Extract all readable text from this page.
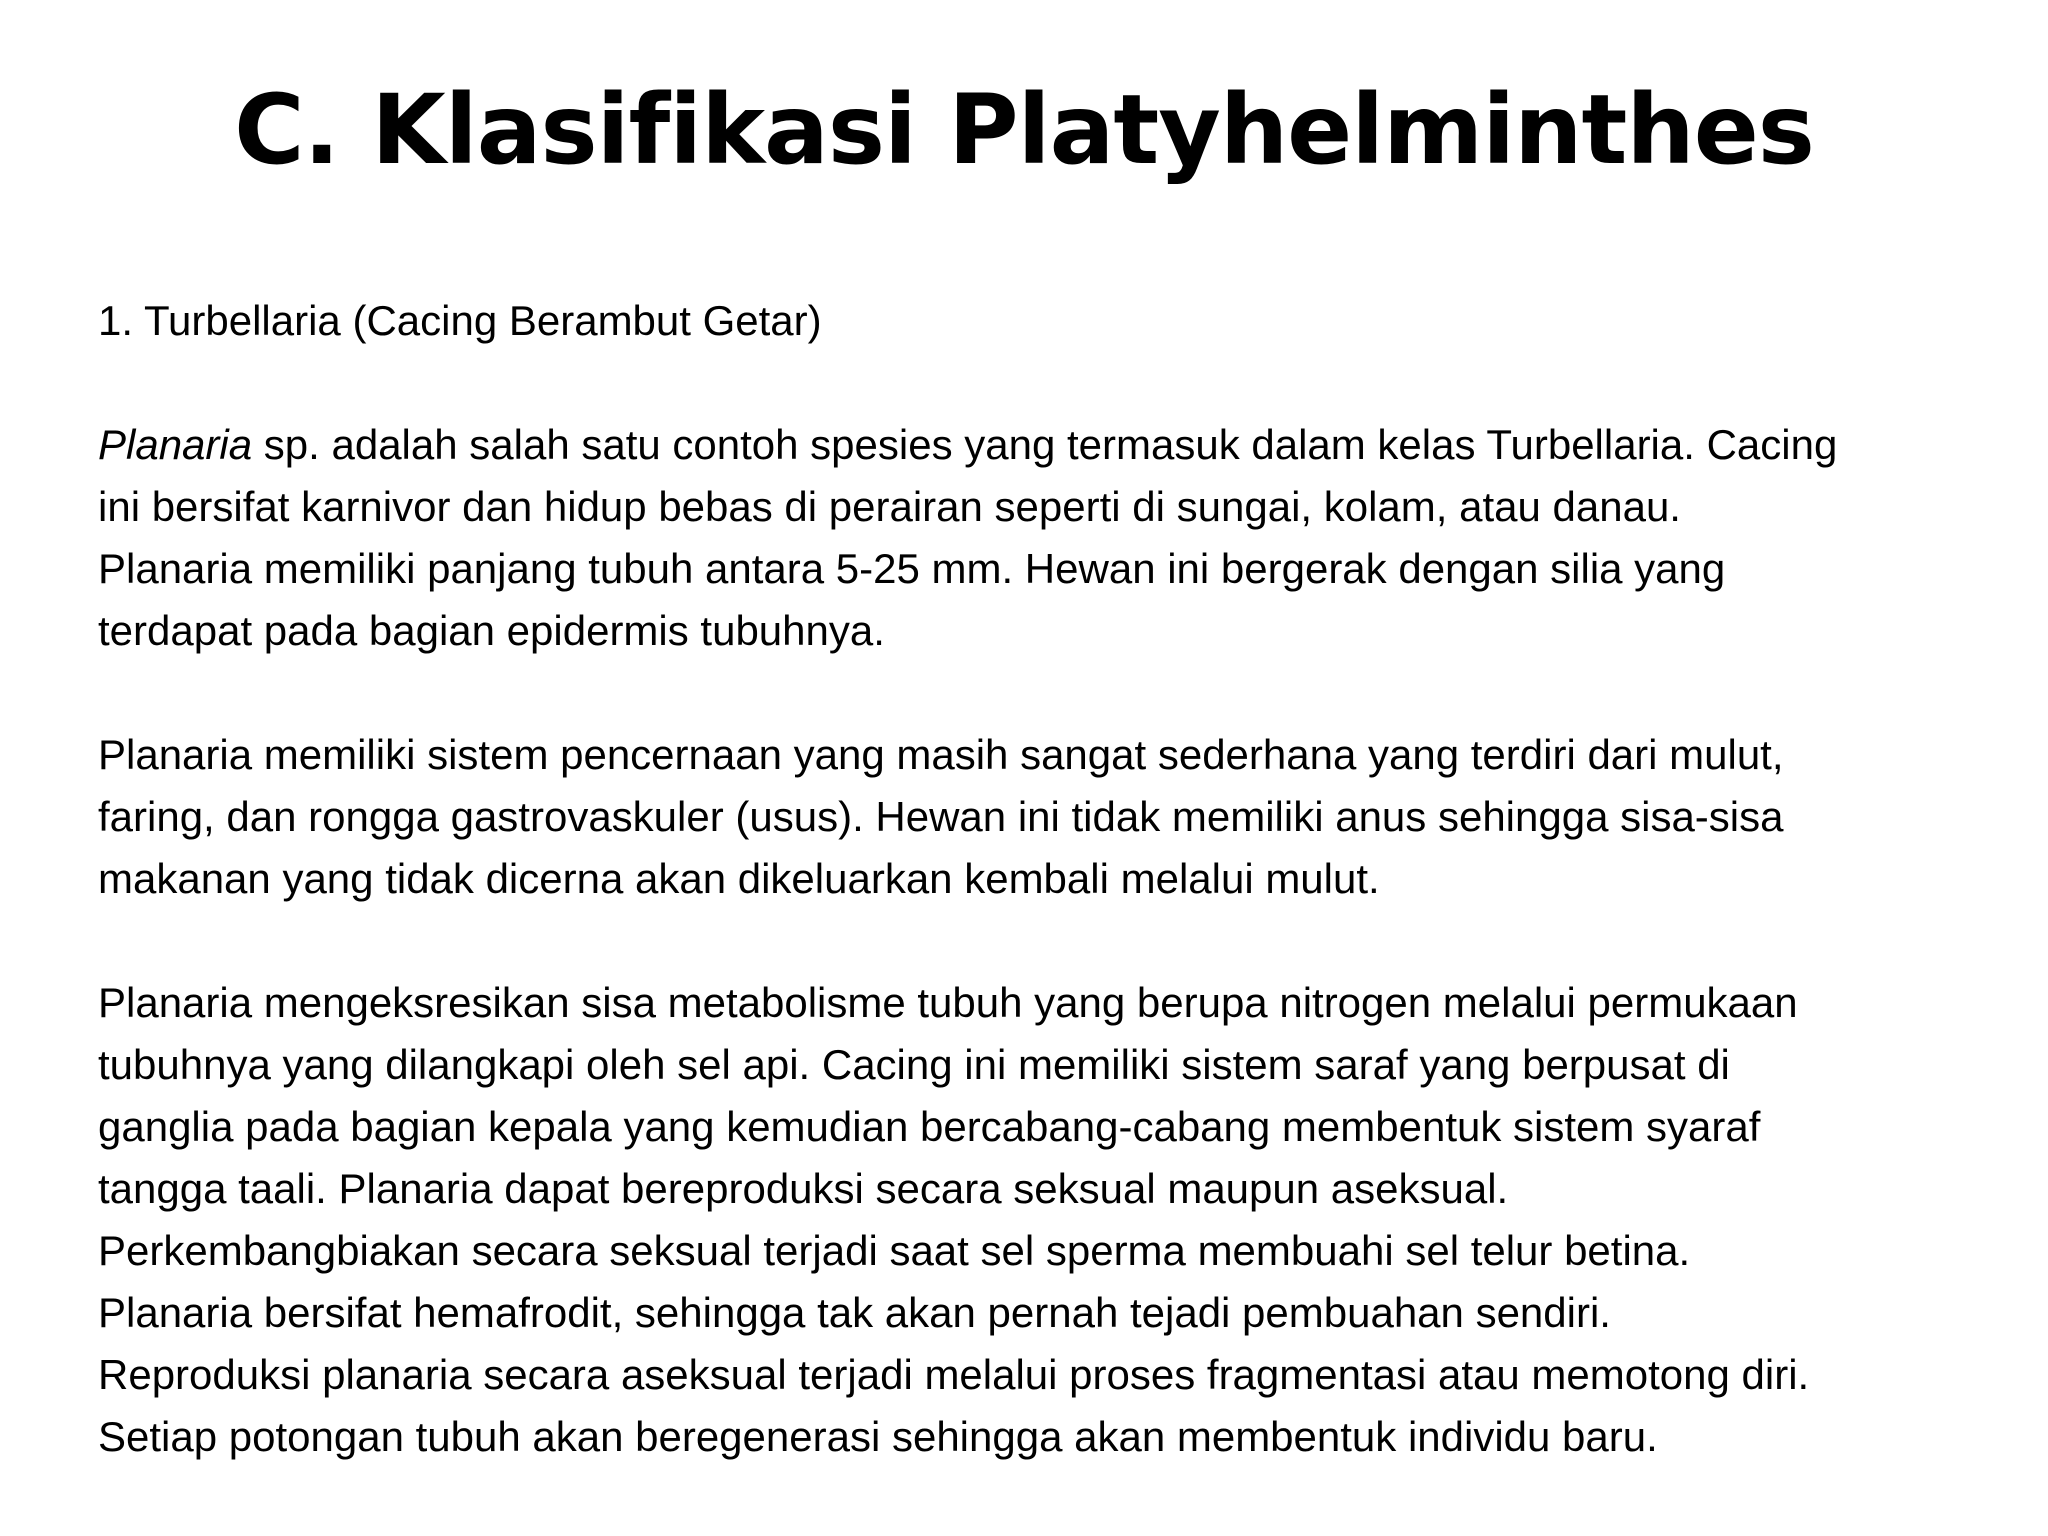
C. Klasifikasi Platyhelminthes
1. Turbellaria (Cacing Berambut Getar)
Planaria sp. adalah salah satu contoh spesies yang termasuk dalam kelas Turbellaria. Cacing
ini bersifat karnivor dan hidup bebas di perairan seperti di sungai, kolam, atau danau.
Planaria memiliki panjang tubuh antara 5-25 mm. Hewan ini bergerak dengan silia yang
terdapat pada bagian epidermis tubuhnya.
Planaria memiliki sistem pencernaan yang masih sangat sederhana yang terdiri dari mulut,
faring, dan rongga gastrovaskuler (usus). Hewan ini tidak memiliki anus sehingga sisa-sisa
makanan yang tidak dicerna akan dikeluarkan kembali melalui mulut.
Planaria mengeksresikan sisa metabolisme tubuh yang berupa nitrogen melalui permukaan
tubuhnya yang dilangkapi oleh sel api. Cacing ini memiliki sistem saraf yang berpusat di
ganglia pada bagian kepala yang kemudian bercabang-cabang membentuk sistem syaraf
tangga taali. Planaria dapat bereproduksi secara seksual maupun aseksual.
Perkembangbiakan secara seksual terjadi saat sel sperma membuahi sel telur betina.
Planaria bersifat hemafrodit, sehingga tak akan pernah tejadi pembuahan sendiri.
Reproduksi planaria secara aseksual terjadi melalui proses fragmentasi atau memotong diri.
Setiap potongan tubuh akan beregenerasi sehingga akan membentuk individu baru.
